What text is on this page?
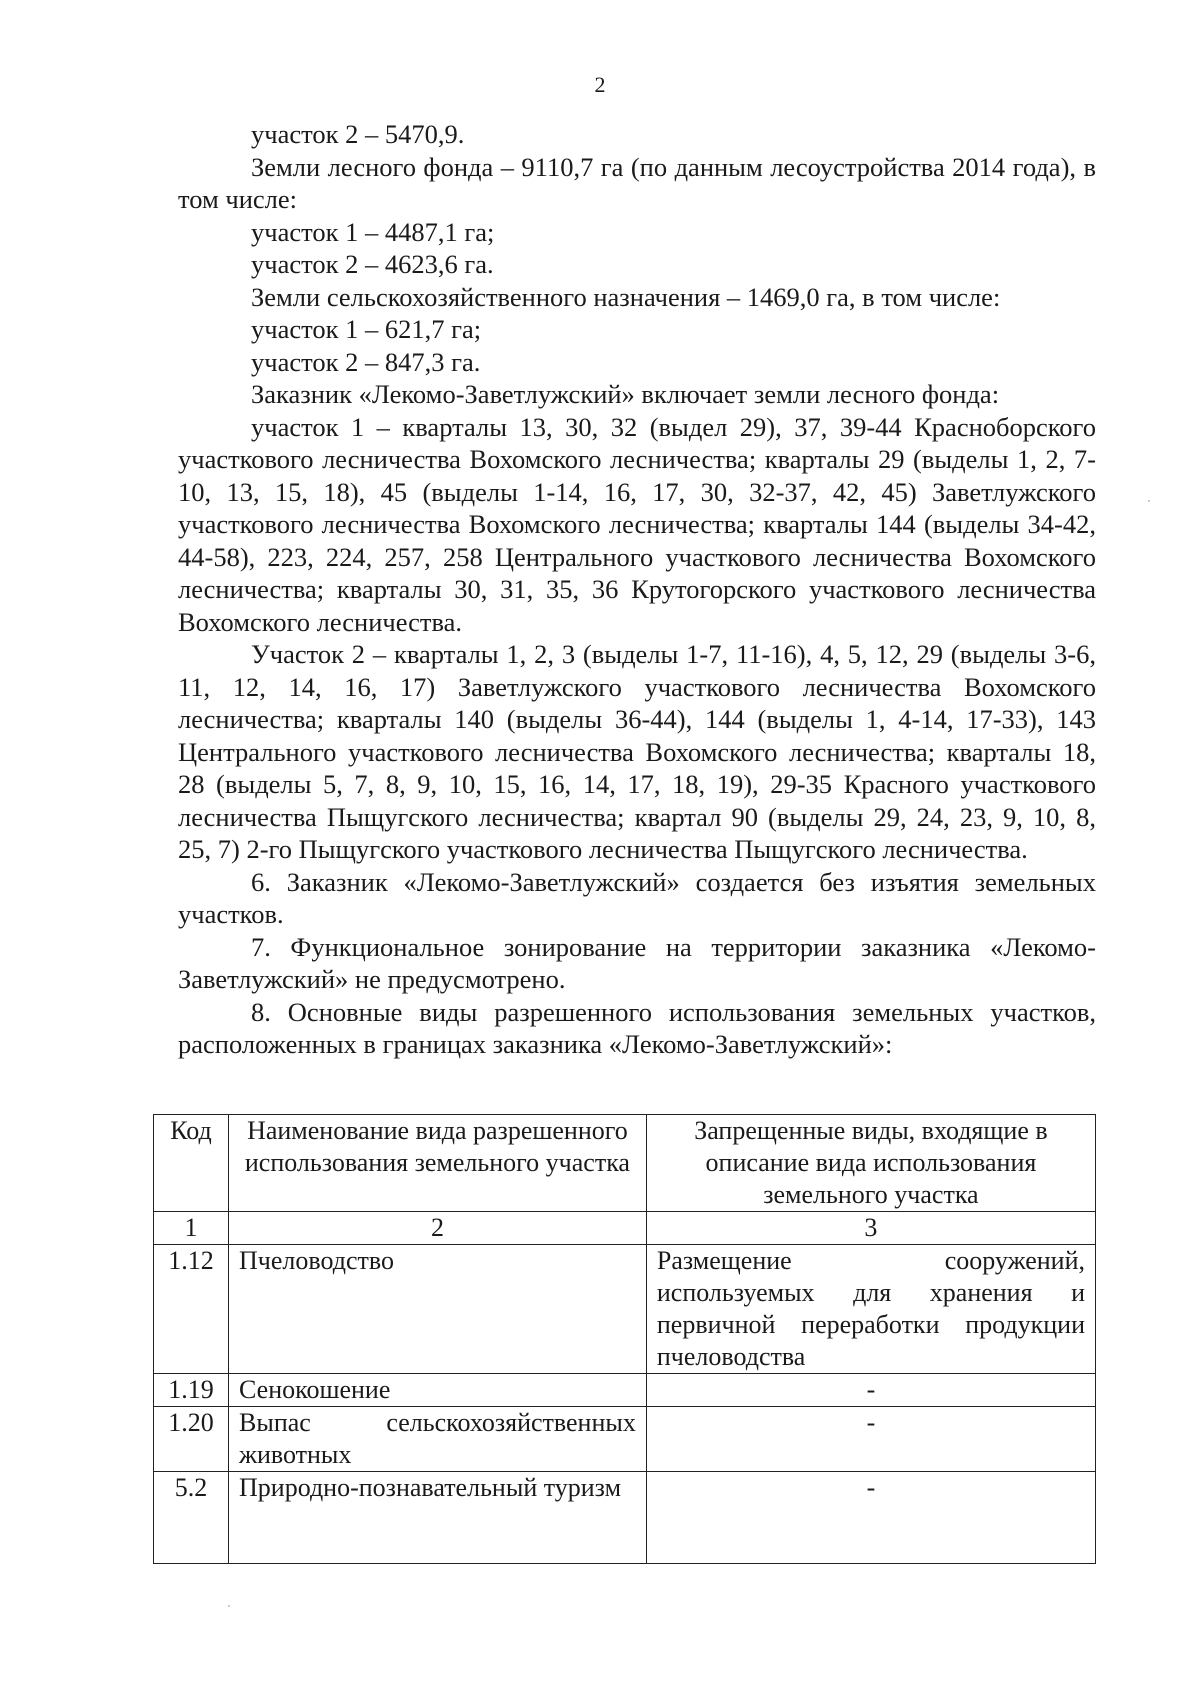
2

участок 2 – 5470,9.

Земли лесного фонда – 9110,7 га (по данным лесоустройства 2014 года), в том числе:

участок 1 – 4487,1 га;

участок 2 – 4623,6 га.

Земли сельскохозяйственного назначения – 1469,0 га, в том числе:

участок 1 – 621,7 га;

участок 2 – 847,3 га.

Заказник «Лекомо-Заветлужский» включает земли лесного фонда:

участок 1 – кварталы 13, 30, 32 (выдел 29), 37, 39-44 Красноборского участкового лесничества Вохомского лесничества; кварталы 29 (выделы 1, 2, 7-10, 13, 15, 18), 45 (выделы 1-14, 16, 17, 30, 32-37, 42, 45) Заветлужского участкового лесничества Вохомского лесничества; кварталы 144 (выделы 34-42, 44-58), 223, 224, 257, 258 Центрального участкового лесничества Вохомского лесничества; кварталы 30, 31, 35, 36 Крутогорского участкового лесничества Вохомского лесничества.

Участок 2 – кварталы 1, 2, 3 (выделы 1-7, 11-16), 4, 5, 12, 29 (выделы 3-6, 11, 12, 14, 16, 17) Заветлужского участкового лесничества Вохомского лесничества; кварталы 140 (выделы 36-44), 144 (выделы 1, 4-14, 17-33), 143 Центрального участкового лесничества Вохомского лесничества; кварталы 18, 28 (выделы 5, 7, 8, 9, 10, 15, 16, 14, 17, 18, 19), 29-35 Красного участкового лесничества Пыщугского лесничества; квартал 90 (выделы 29, 24, 23, 9, 10, 8, 25, 7) 2-го Пыщугского участкового лесничества Пыщугского лесничества.

6. Заказник «Лекомо-Заветлужский» создается без изъятия земельных участков.

7. Функциональное зонирование на территории заказника «Лекомо-Заветлужский» не предусмотрено.

8. Основные виды разрешенного использования земельных участков, расположенных в границах заказника «Лекомо-Заветлужский»:

Код	Наименование вида разрешенного использования земельного участка	Запрещенные виды, входящие в описание вида использования земельного участка
1	2	3
1.12	Пчеловодство	Размещение сооружений, используемых для хранения и первичной переработки продукции пчеловодства
1.19	Сенокошение	-
1.20	Выпас сельскохозяйственных животных	-
5.2	Природно-познавательный туризм	-
